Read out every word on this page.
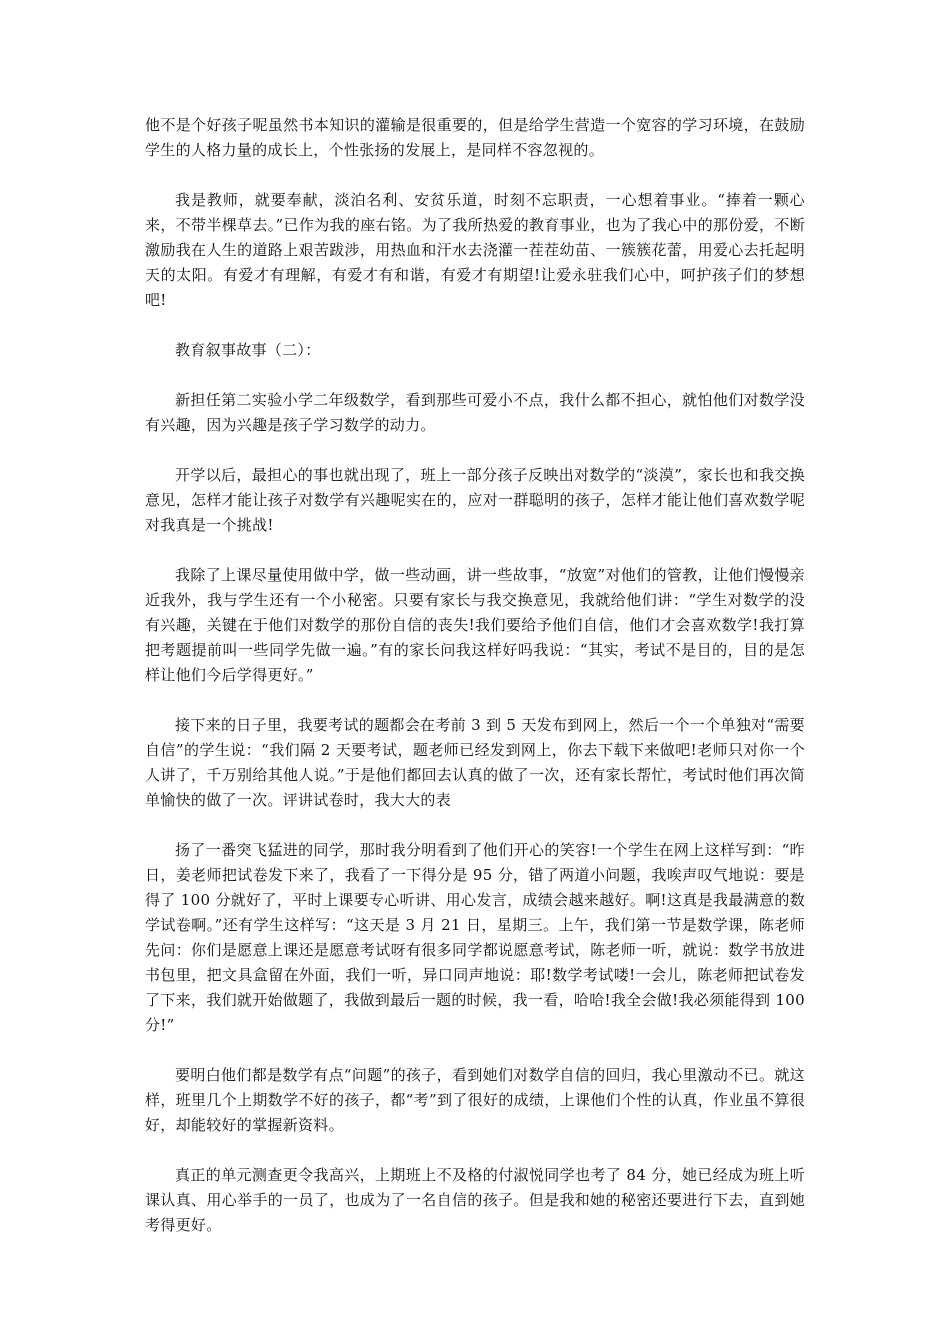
他不是个好孩子呢虽然书本知识的灌输是很重要的，但是给学生营造一个宽容的学习环境，在鼓励学生的人格力量的成长上，个性张扬的发展上，是同样不容忽视的。

我是教师，就要奉献，淡泊名利、安贫乐道，时刻不忘职责，一心想着事业。“捧着一颗心来，不带半棵草去。”已作为我的座右铭。为了我所热爱的教育事业，也为了我心中的那份爱，不断激励我在人生的道路上艰苦跋涉，用热血和汗水去浇灌一茬茬幼苗、一簇簇花蕾，用爱心去托起明天的太阳。有爱才有理解，有爱才有和谐，有爱才有期望!让爱永驻我们心中，呵护孩子们的梦想吧!

教育叙事故事（二）：

新担任第二实验小学二年级数学，看到那些可爱小不点，我什么都不担心，就怕他们对数学没有兴趣，因为兴趣是孩子学习数学的动力。

开学以后，最担心的事也就出现了，班上一部分孩子反映出对数学的“淡漠”，家长也和我交换意见，怎样才能让孩子对数学有兴趣呢实在的，应对一群聪明的孩子，怎样才能让他们喜欢数学呢对我真是一个挑战!

我除了上课尽量使用做中学，做一些动画，讲一些故事，“放宽”对他们的管教，让他们慢慢亲近我外，我与学生还有一个小秘密。只要有家长与我交换意见，我就给他们讲：“学生对数学的没有兴趣，关键在于他们对数学的那份自信的丧失!我们要给予他们自信，他们才会喜欢数学!我打算把考题提前叫一些同学先做一遍。”有的家长问我这样好吗我说：“其实，考试不是目的，目的是怎样让他们今后学得更好。”

接下来的日子里，我要考试的题都会在考前 3 到 5 天发布到网上，然后一个一个单独对“需要自信”的学生说：“我们隔 2 天要考试，题老师已经发到网上，你去下载下来做吧!老师只对你一个人讲了，千万别给其他人说。”于是他们都回去认真的做了一次，还有家长帮忙，考试时他们再次简单愉快的做了一次。评讲试卷时，我大大的表

扬了一番突飞猛进的同学，那时我分明看到了他们开心的笑容!一个学生在网上这样写到：“昨日，姜老师把试卷发下来了，我看了一下得分是 95 分，错了两道小问题，我唉声叹气地说：要是得了 100 分就好了，平时上课要专心听讲、用心发言，成绩会越来越好。啊!这真是我最满意的数学试卷啊。”还有学生这样写：“这天是 3 月 21 日，星期三。上午，我们第一节是数学课，陈老师先问：你们是愿意上课还是愿意考试呀有很多同学都说愿意考试，陈老师一听，就说：数学书放进书包里，把文具盒留在外面，我们一听，异口同声地说：耶!数学考试喽!一会儿，陈老师把试卷发了下来，我们就开始做题了，我做到最后一题的时候，我一看，哈哈!我全会做!我必须能得到 100 分!”

要明白他们都是数学有点“问题”的孩子，看到她们对数学自信的回归，我心里激动不已。就这样，班里几个上期数学不好的孩子，都“考”到了很好的成绩，上课他们个性的认真，作业虽不算很好，却能较好的掌握新资料。

真正的单元测查更令我高兴，上期班上不及格的付淑悦同学也考了 84 分，她已经成为班上听课认真、用心举手的一员了，也成为了一名自信的孩子。但是我和她的秘密还要进行下去，直到她考得更好。
